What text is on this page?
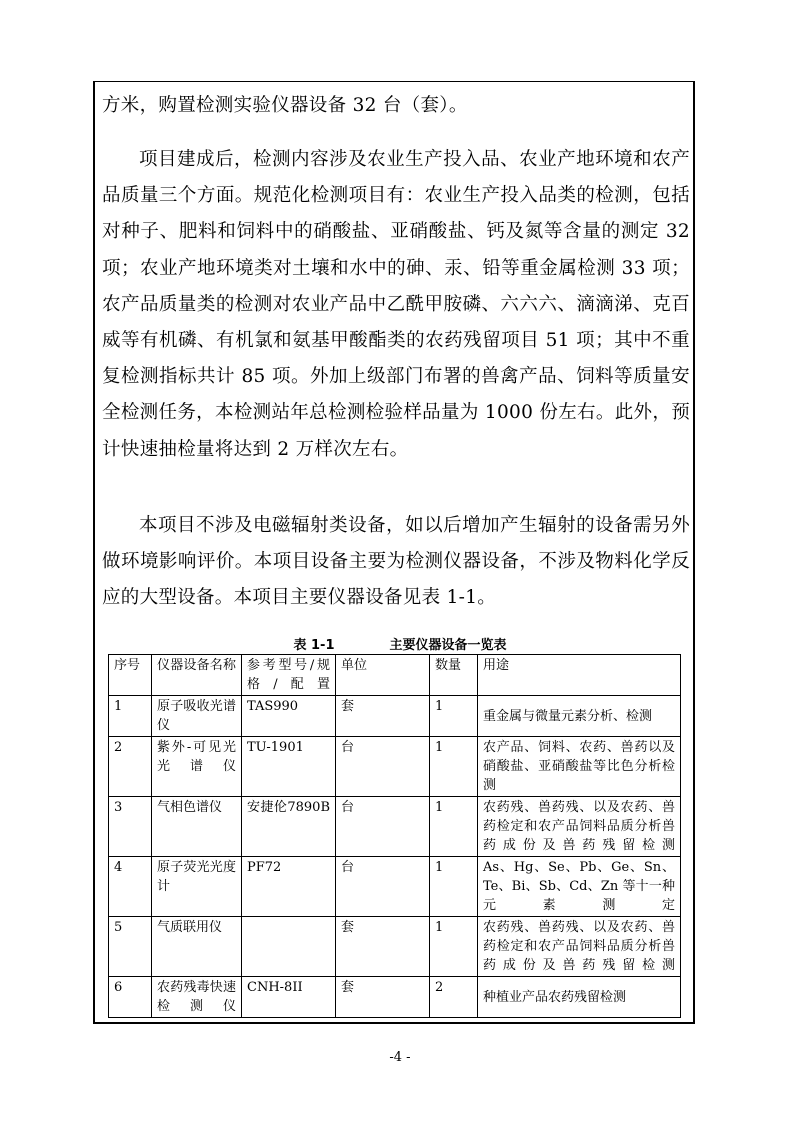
方米，购置检测实验仪器设备 32 台（套）。

项目建成后，检测内容涉及农业生产投入品、农业产地环境和农产品质量三个方面。规范化检测项目有：农业生产投入品类的检测，包括对种子、肥料和饲料中的硝酸盐、亚硝酸盐、钙及氮等含量的测定 32 项；农业产地环境类对土壤和水中的砷、汞、铅等重金属检测 33 项；农产品质量类的检测对农业产品中乙酰甲胺磷、六六六、滴滴涕、克百威等有机磷、有机氯和氨基甲酸酯类的农药残留项目 51 项；其中不重复检测指标共计 85 项。外加上级部门布署的兽禽产品、饲料等质量安全检测任务，本检测站年总检测检验样品量为 1000 份左右。此外，预计快速抽检量将达到 2 万样次左右。

本项目不涉及电磁辐射类设备，如以后增加产生辐射的设备需另外做环境影响评价。本项目设备主要为检测仪器设备，不涉及物料化学反应的大型设备。本项目主要仪器设备见表 1-1。

表 1-1	主要仪器设备一览表
序号	仪器设备名称	参考型号/规格/配置	单位	数量	用途
1	原子吸收光谱仪	TAS990	套	1	重金属与微量元素分析、检测
2	紫外-可见光光谱仪	TU-1901	台	1	农产品、饲料、农药、兽药以及硝酸盐、亚硝酸盐等比色分析检测
3	气相色谱仪	安捷伦7890B	台	1	农药残、兽药残、以及农药、兽药检定和农产品饲料品质分析兽药成份及兽药残留检测
4	原子荧光光度计	PF72	台	1	As、Hg、Se、Pb、Ge、Sn、Te、Bi、Sb、Cd、Zn 等十一种元素测定
5	气质联用仪		套	1	农药残、兽药残、以及农药、兽药检定和农产品饲料品质分析兽药成份及兽药残留检测
6	农药残毒快速检测仪	CNH-8II	套	2	种植业产品农药残留检测
-4 -
